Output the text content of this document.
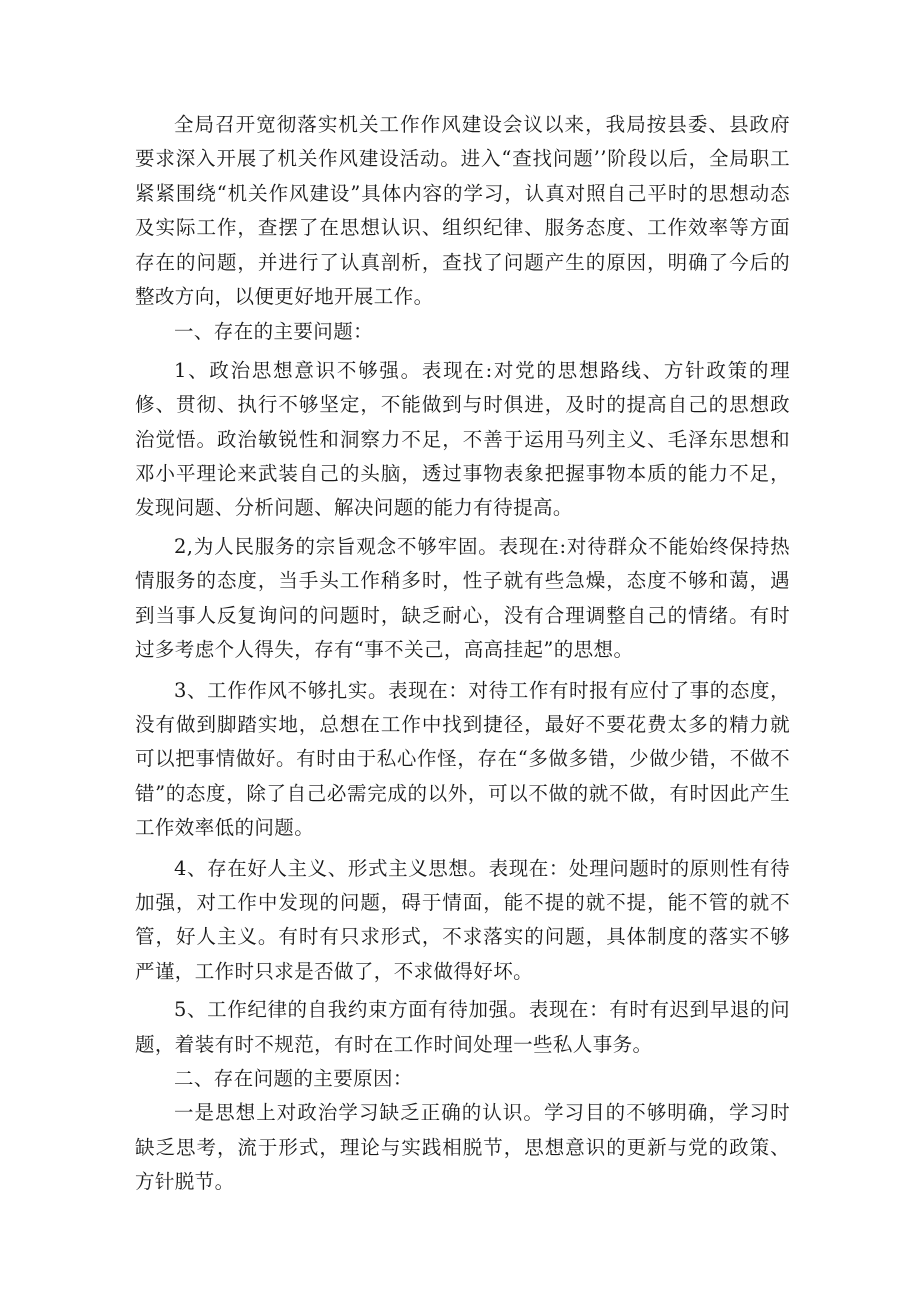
全局召开宽彻落实机关工作作风建设会议以来，我局按县委、县政府要求深入开展了机关作风建设活动。进入“查找问题’’阶段以后，全局职工紧紧围绕“机关作风建设”具体内容的学习，认真对照自己平时的思想动态及实际工作，查摆了在思想认识、组织纪律、服务态度、工作效率等方面存在的问题，并进行了认真剖析，查找了问题产生的原因，明确了今后的整改方向，以便更好地开展工作。

一、存在的主要问题：

1、政治思想意识不够强。表现在:对党的思想路线、方针政策的理修、贯彻、执行不够坚定，不能做到与时俱进，及时的提高自己的思想政治觉悟。政治敏锐性和洞察力不足，不善于运用马列主义、毛泽东思想和邓小平理论来武装自己的头脑，透过事物表象把握事物本质的能力不足，发现问题、分析问题、解决问题的能力有待提高。

2,为人民服务的宗旨观念不够牢固。表现在:对待群众不能始终保持热情服务的态度，当手头工作稍多时，性子就有些急燥，态度不够和蔼，遇到当事人反复询问的问题时，缺乏耐心，没有合理调整自己的情绪。有时过多考虑个人得失，存有“事不关己，高高挂起”的思想。

3、工作作风不够扎实。表现在：对待工作有时报有应付了事的态度，没有做到脚踏实地，总想在工作中找到捷径，最好不要花费太多的精力就可以把事情做好。有时由于私心作怪，存在“多做多错，少做少错，不做不错”的态度，除了自己必需完成的以外，可以不做的就不做，有时因此产生工作效率低的问题。

4、存在好人主义、形式主义思想。表现在：处理问题时的原则性有待加强，对工作中发现的问题，碍于情面，能不提的就不提，能不管的就不管，好人主义。有时有只求形式，不求落实的问题，具体制度的落实不够严谨，工作时只求是否做了，不求做得好坏。

5、工作纪律的自我约束方面有待加强。表现在：有时有迟到早退的问题，着装有时不规范，有时在工作时间处理一些私人事务。

二、存在问题的主要原因：

一是思想上对政治学习缺乏正确的认识。学习目的不够明确，学习时缺乏思考，流于形式，理论与实践相脱节，思想意识的更新与党的政策、方针脱节。
